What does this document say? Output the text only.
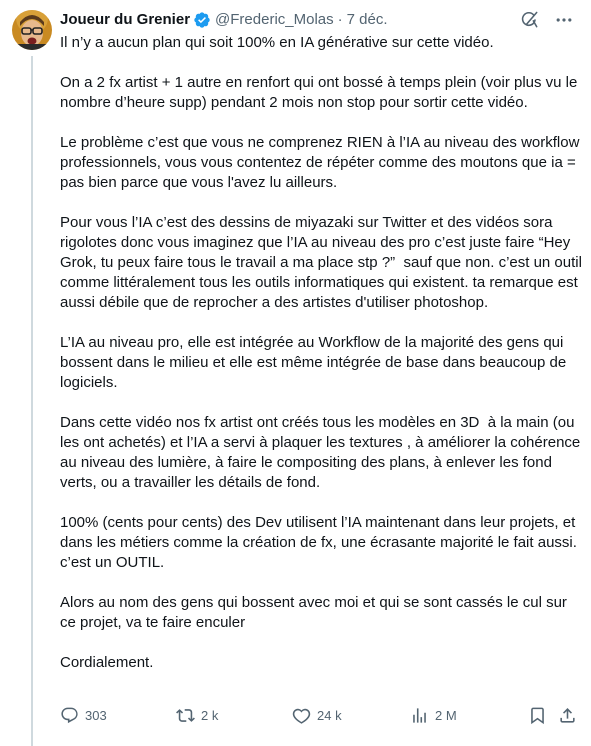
Joueur du Grenier @Frederic_Molas · 7 déc.

Il n’y a aucun plan qui soit 100% en IA générative sur cette vidéo.

On a 2 fx artist + 1 autre en renfort qui ont bossé à temps plein (voir plus vu le nombre d’heure supp) pendant 2 mois non stop pour sortir cette vidéo.

Le problème c’est que vous ne comprenez RIEN à l’IA au niveau des workflow professionnels, vous vous contentez de répéter comme des moutons que ia = pas bien parce que vous l'avez lu ailleurs.

Pour vous l’IA c’est des dessins de miyazaki sur Twitter et des vidéos sora rigolotes donc vous imaginez que l’IA au niveau des pro c’est juste faire “Hey Grok, tu peux faire tous le travail a ma place stp ?”  sauf que non. c’est un outil comme littéralement tous les outils informatiques qui existent. ta remarque est aussi débile que de reprocher a des artistes d'utiliser photoshop.

L’IA au niveau pro, elle est intégrée au Workflow de la majorité des gens qui bossent dans le milieu et elle est même intégrée de base dans beaucoup de logiciels.

Dans cette vidéo nos fx artist ont créés tous les modèles en 3D  à la main (ou les ont achetés) et l’IA a servi à plaquer les textures , à améliorer la cohérence au niveau des lumière, à faire le compositing des plans, à enlever les fond verts, ou a travailler les détails de fond.

100% (cents pour cents) des Dev utilisent l’IA maintenant dans leur projets, et dans les métiers comme la création de fx, une écrasante majorité le fait aussi. c’est un OUTIL.

Alors au nom des gens qui bossent avec moi et qui se sont cassés le cul sur ce projet, va te faire enculer

Cordialement.

303	2 k	24 k	2 M
